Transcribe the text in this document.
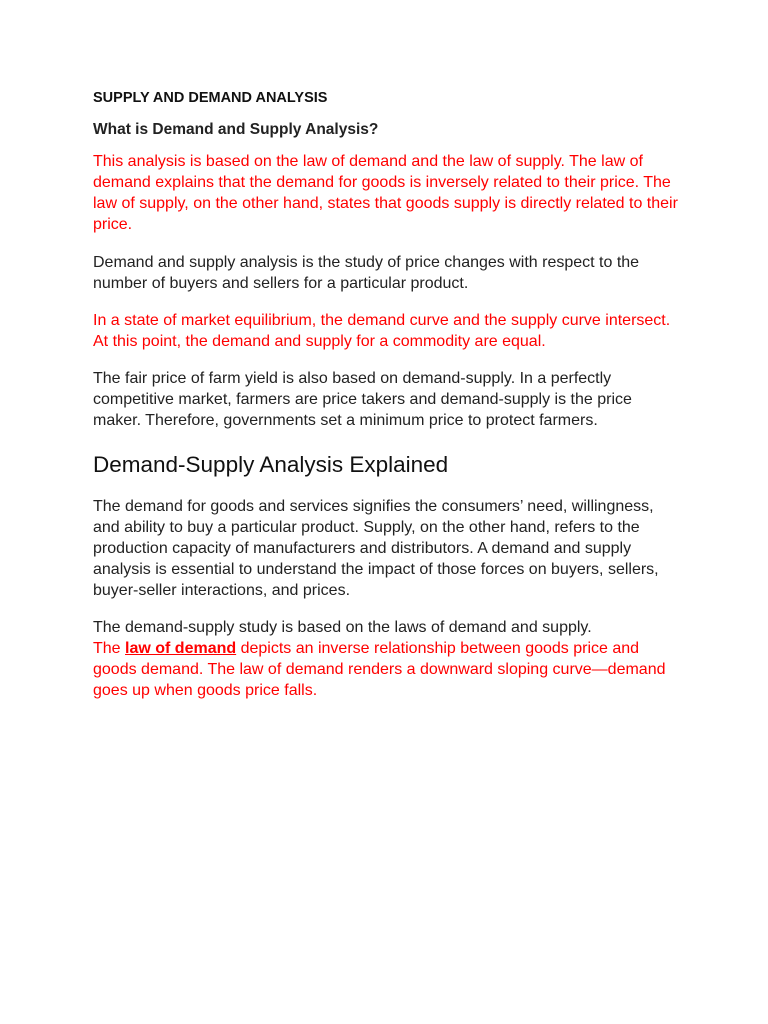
SUPPLY AND DEMAND ANALYSIS
What is Demand and Supply Analysis?

This analysis is based on the law of demand and the law of supply. The law of demand explains that the demand for goods is inversely related to their price. The law of supply, on the other hand, states that goods supply is directly related to their price.

Demand and supply analysis is the study of price changes with respect to the number of buyers and sellers for a particular product.

In a state of market equilibrium, the demand curve and the supply curve intersect. At this point, the demand and supply for a commodity are equal.

The fair price of farm yield is also based on demand-supply. In a perfectly competitive market, farmers are price takers and demand-supply is the price maker. Therefore, governments set a minimum price to protect farmers.

Demand-Supply Analysis Explained

The demand for goods and services signifies the consumers’ need, willingness, and ability to buy a particular product. Supply, on the other hand, refers to the production capacity of manufacturers and distributors. A demand and supply analysis is essential to understand the impact of those forces on buyers, sellers, buyer-seller interactions, and prices.

The demand-supply study is based on the laws of demand and supply.

The law of demand depicts an inverse relationship between goods price and goods demand. The law of demand renders a downward sloping curve—demand goes up when goods price falls.
